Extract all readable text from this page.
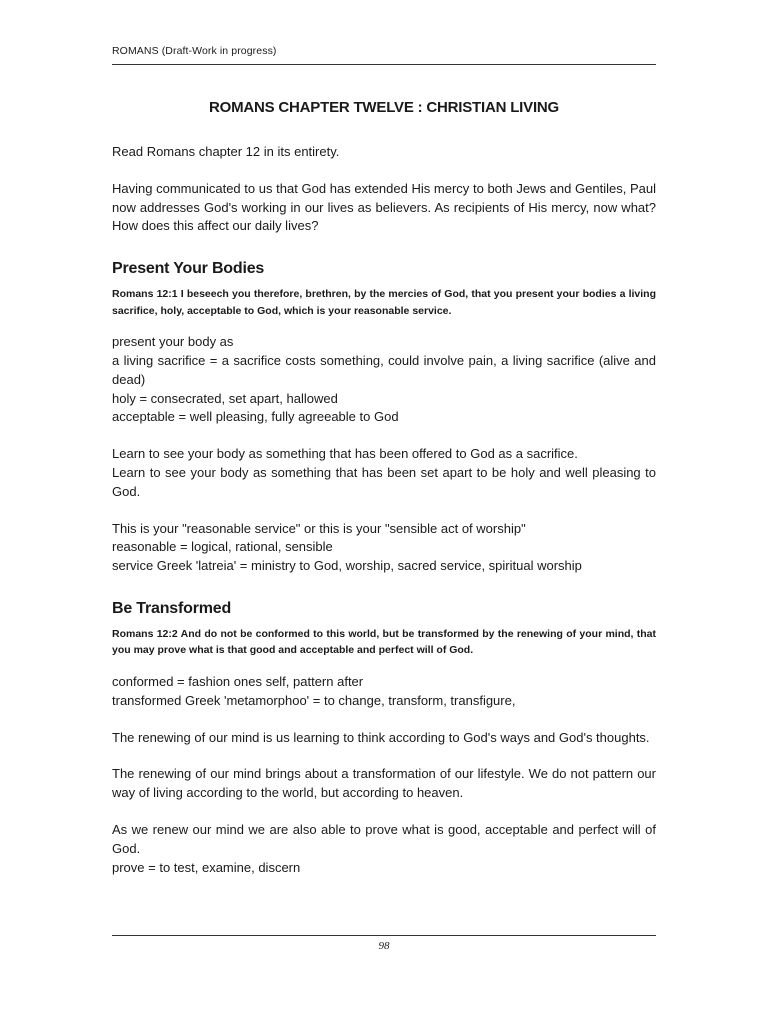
ROMANS (Draft-Work in progress)
ROMANS CHAPTER TWELVE : CHRISTIAN LIVING

Read Romans chapter 12 in its entirety.

Having communicated to us that God has extended His mercy to both Jews and Gentiles, Paul now addresses God's working in our lives as believers. As recipients of His mercy, now what? How does this affect our daily lives?

Present Your Bodies
Romans 12:1 I beseech you therefore, brethren, by the mercies of God, that you present your bodies a living sacrifice, holy, acceptable to God, which is your reasonable service.

present your body as

a living sacrifice = a sacrifice costs something, could involve pain, a living sacrifice (alive and dead)

holy = consecrated, set apart, hallowed

acceptable = well pleasing, fully agreeable to God

Learn to see your body as something that has been offered to God as a sacrifice.

Learn to see your body as something that has been set apart to be holy and well pleasing to God.

This is your "reasonable service" or this is your "sensible act of worship"

reasonable = logical, rational, sensible

service Greek 'latreia' = ministry to God, worship, sacred service, spiritual worship

Be Transformed
Romans 12:2 And do not be conformed to this world, but be transformed by the renewing of your mind, that you may prove what is that good and acceptable and perfect will of God.

conformed = fashion ones self, pattern after

transformed Greek 'metamorphoo' = to change, transform, transfigure,

The renewing of our mind is us learning to think according to God's ways and God's thoughts.

The renewing of our mind brings about a transformation of our lifestyle. We do not pattern our way of living according to the world, but according to heaven.

As we renew our mind we are also able to prove what is good, acceptable and perfect will of God.

prove = to test, examine, discern

98
